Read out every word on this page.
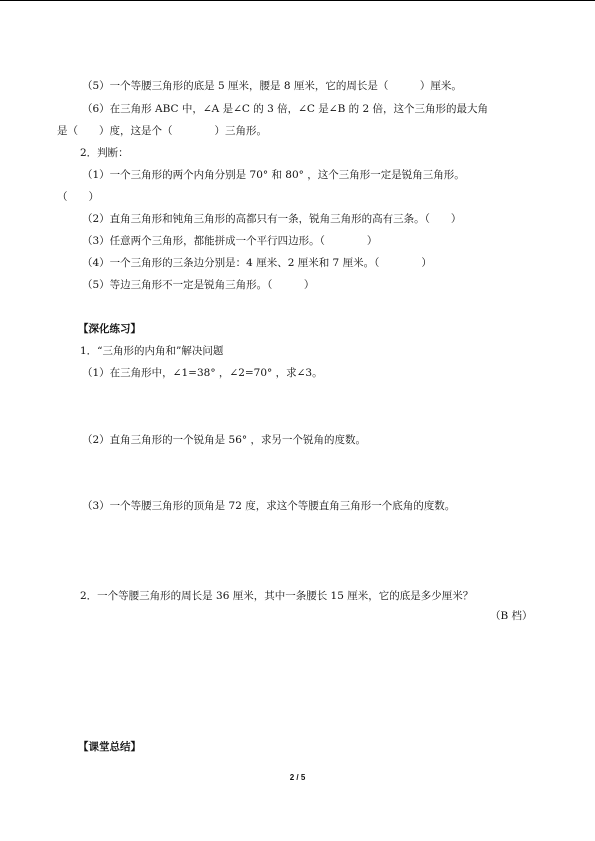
（5）一个等腰三角形的底是 5 厘米，腰是 8 厘米，它的周长是（　　　）厘米。
（6）在三角形 ABC 中，∠A 是∠C 的 3 倍，∠C 是∠B 的 2 倍，这个三角形的最大角
是（　　）度，这是个（　　　　）三角形。
2．判断：
（1）一个三角形的两个内角分别是 70° 和 80° ，这个三角形一定是锐角三角形。
（　　）
（2）直角三角形和钝角三角形的高都只有一条，锐角三角形的高有三条。（　　）
（3）任意两个三角形，都能拼成一个平行四边形。（　　　　）
（4）一个三角形的三条边分别是：4 厘米、2 厘米和 7 厘米。（　　　　）
（5）等边三角形不一定是锐角三角形。（　　　）
【深化练习】
1．“三角形的内角和”解决问题
（1）在三角形中，∠1=38° ，∠2=70° ，求∠3。
（2）直角三角形的一个锐角是 56° ，求另一个锐角的度数。
（3）一个等腰三角形的顶角是 72 度，求这个等腰直角三角形一个底角的度数。
2．一个等腰三角形的周长是 36 厘米，其中一条腰长 15 厘米，它的底是多少厘米？
（B 档）
【课堂总结】
2 / 5
